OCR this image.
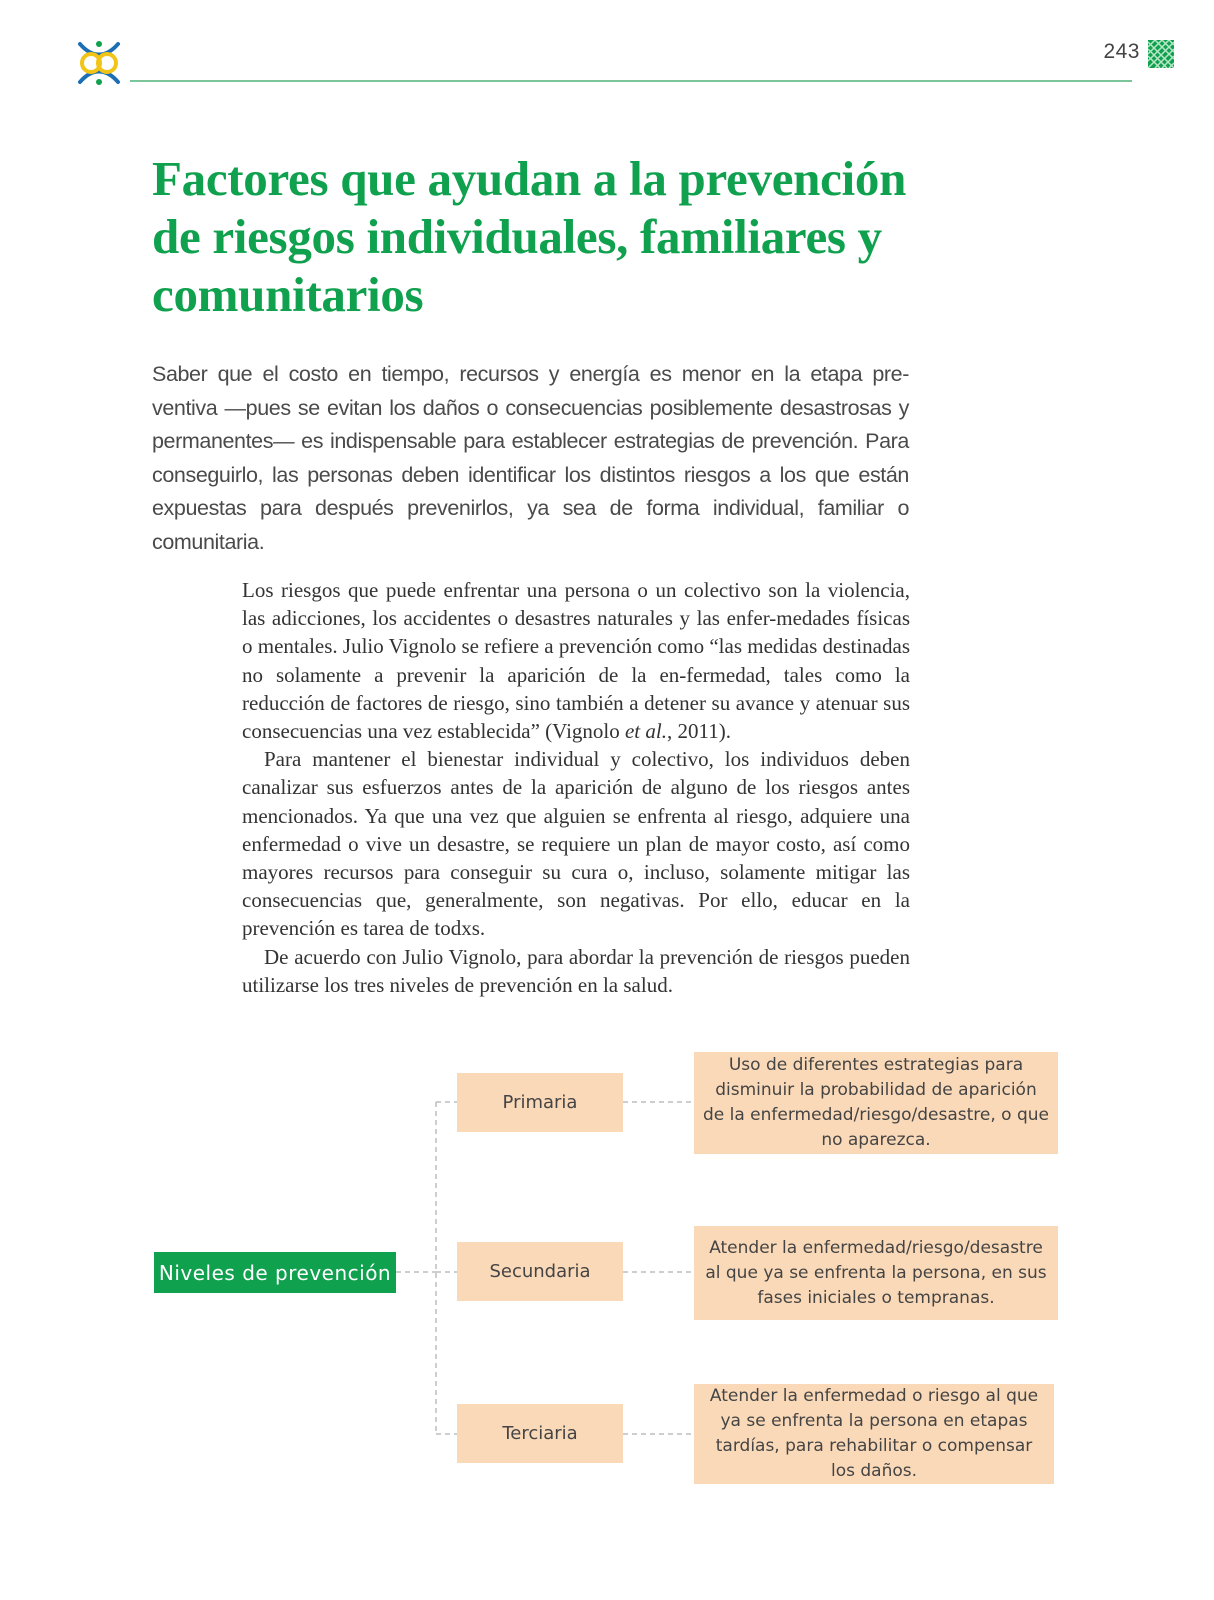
243
Factores que ayudan a la prevención de riesgos individuales, familiares y comunitarios

Saber que el costo en tiempo, recursos y energía es menor en la etapa pre-ventiva —pues se evitan los daños o consecuencias posiblemente desastrosas y permanentes— es indispensable para establecer estrategias de prevención. Para conseguirlo, las personas deben identificar los distintos riesgos a los que están expuestas para después prevenirlos, ya sea de forma individual, familiar o comunitaria.

Los riesgos que puede enfrentar una persona o un colectivo son la violencia, las adicciones, los accidentes o desastres naturales y las enfer-medades físicas o mentales. Julio Vignolo se refiere a prevención como “las medidas destinadas no solamente a prevenir la aparición de la en-fermedad, tales como la reducción de factores de riesgo, sino también a detener su avance y atenuar sus consecuencias una vez establecida” (Vignolo et al., 2011).

Para mantener el bienestar individual y colectivo, los individuos deben canalizar sus esfuerzos antes de la aparición de alguno de los riesgos antes mencionados. Ya que una vez que alguien se enfrenta al riesgo, adquiere una enfermedad o vive un desastre, se requiere un plan de mayor costo, así como mayores recursos para conseguir su cura o, incluso, solamente mitigar las consecuencias que, generalmente, son negativas. Por ello, educar en la prevención es tarea de todxs.

De acuerdo con Julio Vignolo, para abordar la prevención de riesgos pueden utilizarse los tres niveles de prevención en la salud.

Niveles de prevención
Primaria
Secundaria
Terciaria
Uso de diferentes estrategias para disminuir la probabilidad de aparición de la enfermedad/riesgo/desastre, o que no aparezca.
Atender la enfermedad/riesgo/desastre al que ya se enfrenta la persona, en sus fases iniciales o tempranas.
Atender la enfermedad o riesgo al que ya se enfrenta la persona en etapas tardías, para rehabilitar o compensar los daños.
